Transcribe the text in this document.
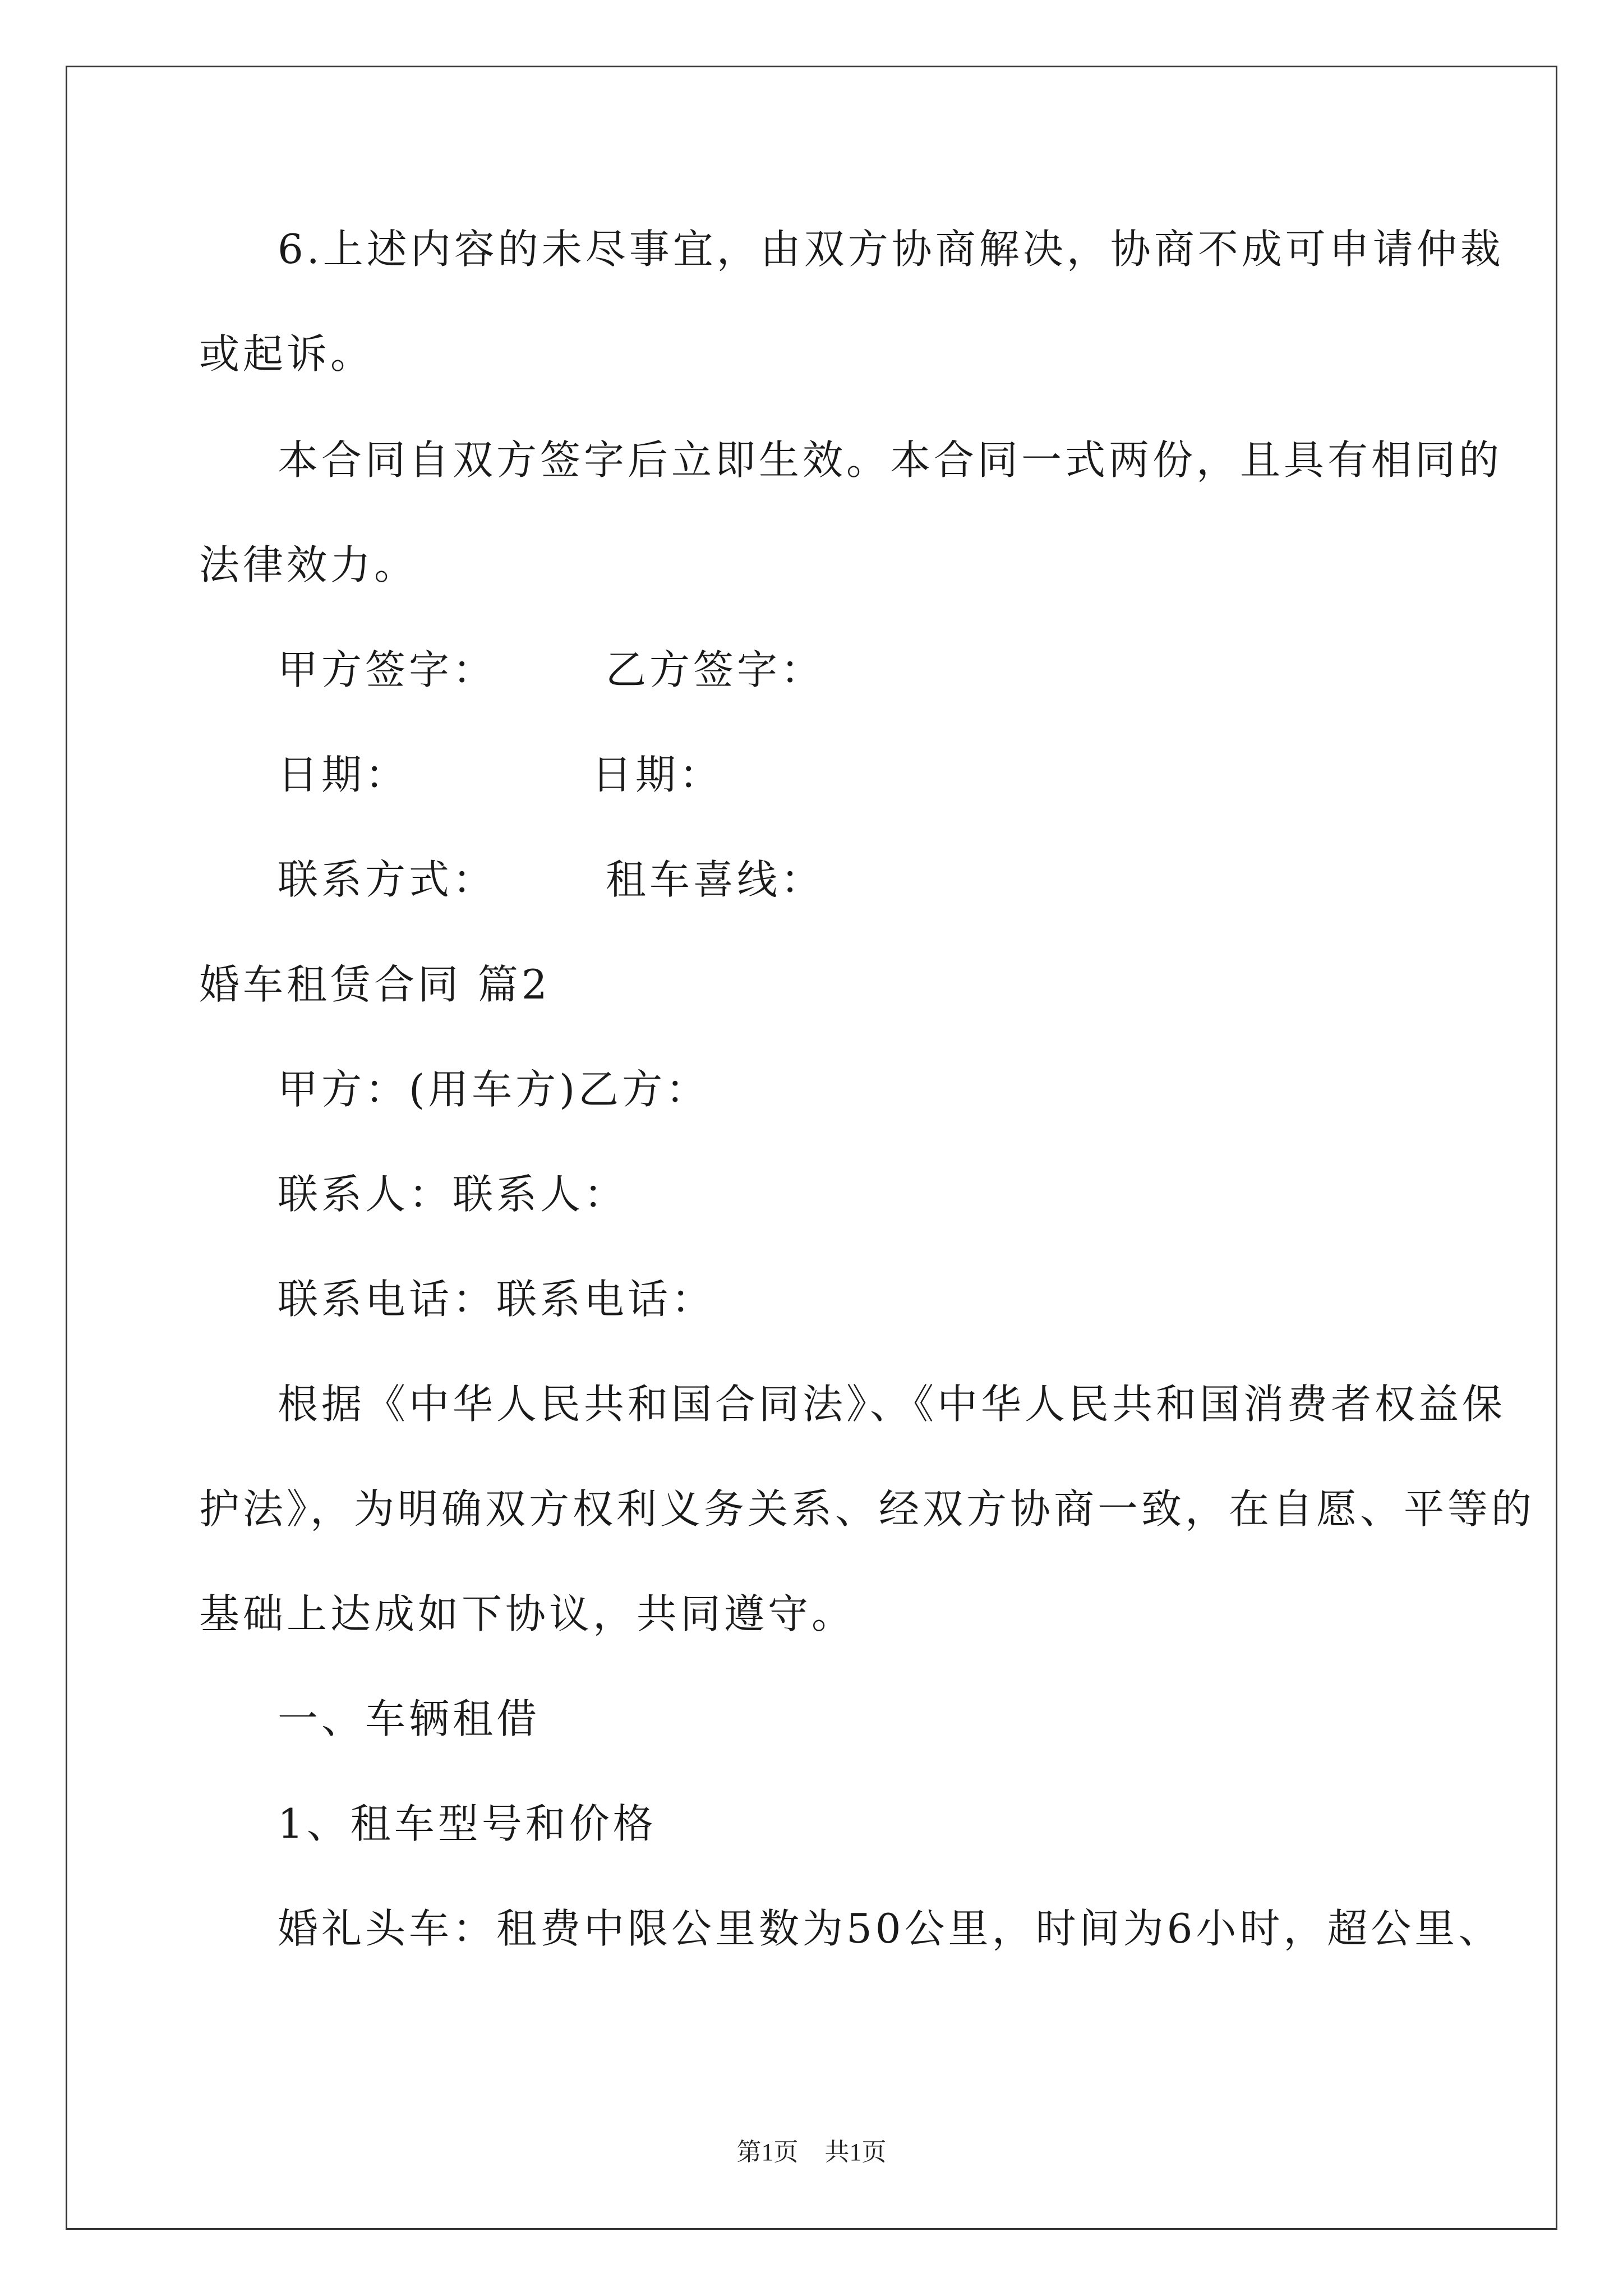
6.上述内容的未尽事宜，由双方协商解决，协商不成可申请仲裁
或起诉。
本合同自双方签字后立即生效。本合同一式两份，且具有相同的
法律效力。
甲方签字：	乙方签字：
日期：	日期：
联系方式：	租车喜线：
婚车租赁合同 篇2
甲方：(用车方)乙方：
联系人：联系人：
联系电话：联系电话：
根据《中华人民共和国合同法》、《中华人民共和国消费者权益保
护法》，为明确双方权利义务关系、经双方协商一致，在自愿、平等的
基础上达成如下协议，共同遵守。
一、车辆租借
1、租车型号和价格
婚礼头车：租费中限公里数为50公里，时间为6小时，超公里、
第1页 共1页
